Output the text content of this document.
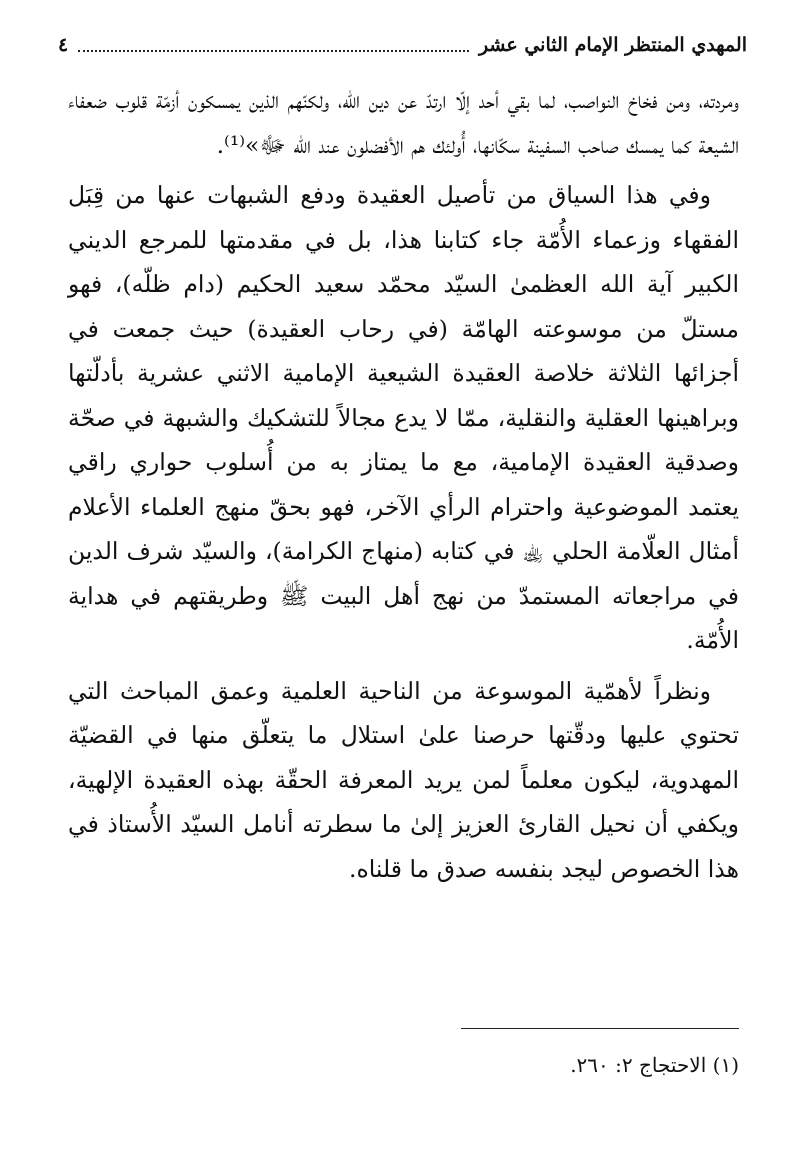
المهدي المنتظر الإمام الثاني عشر
٤

ومردته، ومن فخاخ النواصب، لما بقي أحد إلّا ارتدّ عن دين الله، ولكنّهم الذين يمسكون أزمّة قلوب ضعفاء الشيعة كما يمسك صاحب السفينة سكّانها، أُولئك هم الأفضلون عند الله ﷻ»⁽¹⁾.

وفي هذا السياق من تأصيل العقيدة ودفع الشبهات عنها من قِبَل الفقهاء وزعماء الأُمّة جاء كتابنا هذا، بل في مقدمتها للمرجع الديني الكبير آية الله العظمىٰ السيّد محمّد سعيد الحكيم (دام ظلّه)، فهو مستلّ من موسوعته الهامّة (في رحاب العقيدة) حيث جمعت في أجزائها الثلاثة خلاصة العقيدة الشيعية الإمامية الاثني عشرية بأدلّتها وبراهينها العقلية والنقلية، ممّا لا يدع مجالاً للتشكيك والشبهة في صحّة وصدقية العقيدة الإمامية، مع ما يمتاز به من أُسلوب حواري راقي يعتمد الموضوعية واحترام الرأي الآخر، فهو بحقّ منهج العلماء الأعلام أمثال العلّامة الحلي ﵀ في كتابه (منهاج الكرامة)، والسيّد شرف الدين في مراجعاته المستمدّ من نهج أهل البيت ﷺ وطريقتهم في هداية الأُمّة.

ونظراً لأهمّية الموسوعة من الناحية العلمية وعمق المباحث التي تحتوي عليها ودقّتها حرصنا علىٰ استلال ما يتعلّق منها في القضيّة المهدوية، ليكون معلماً لمن يريد المعرفة الحقّة بهذه العقيدة الإلهية، ويكفي أن نحيل القارئ العزيز إلىٰ ما سطرته أنامل السيّد الأُستاذ في هذا الخصوص ليجد بنفسه صدق ما قلناه.

(١) الاحتجاج ٢: ٢٦٠.
